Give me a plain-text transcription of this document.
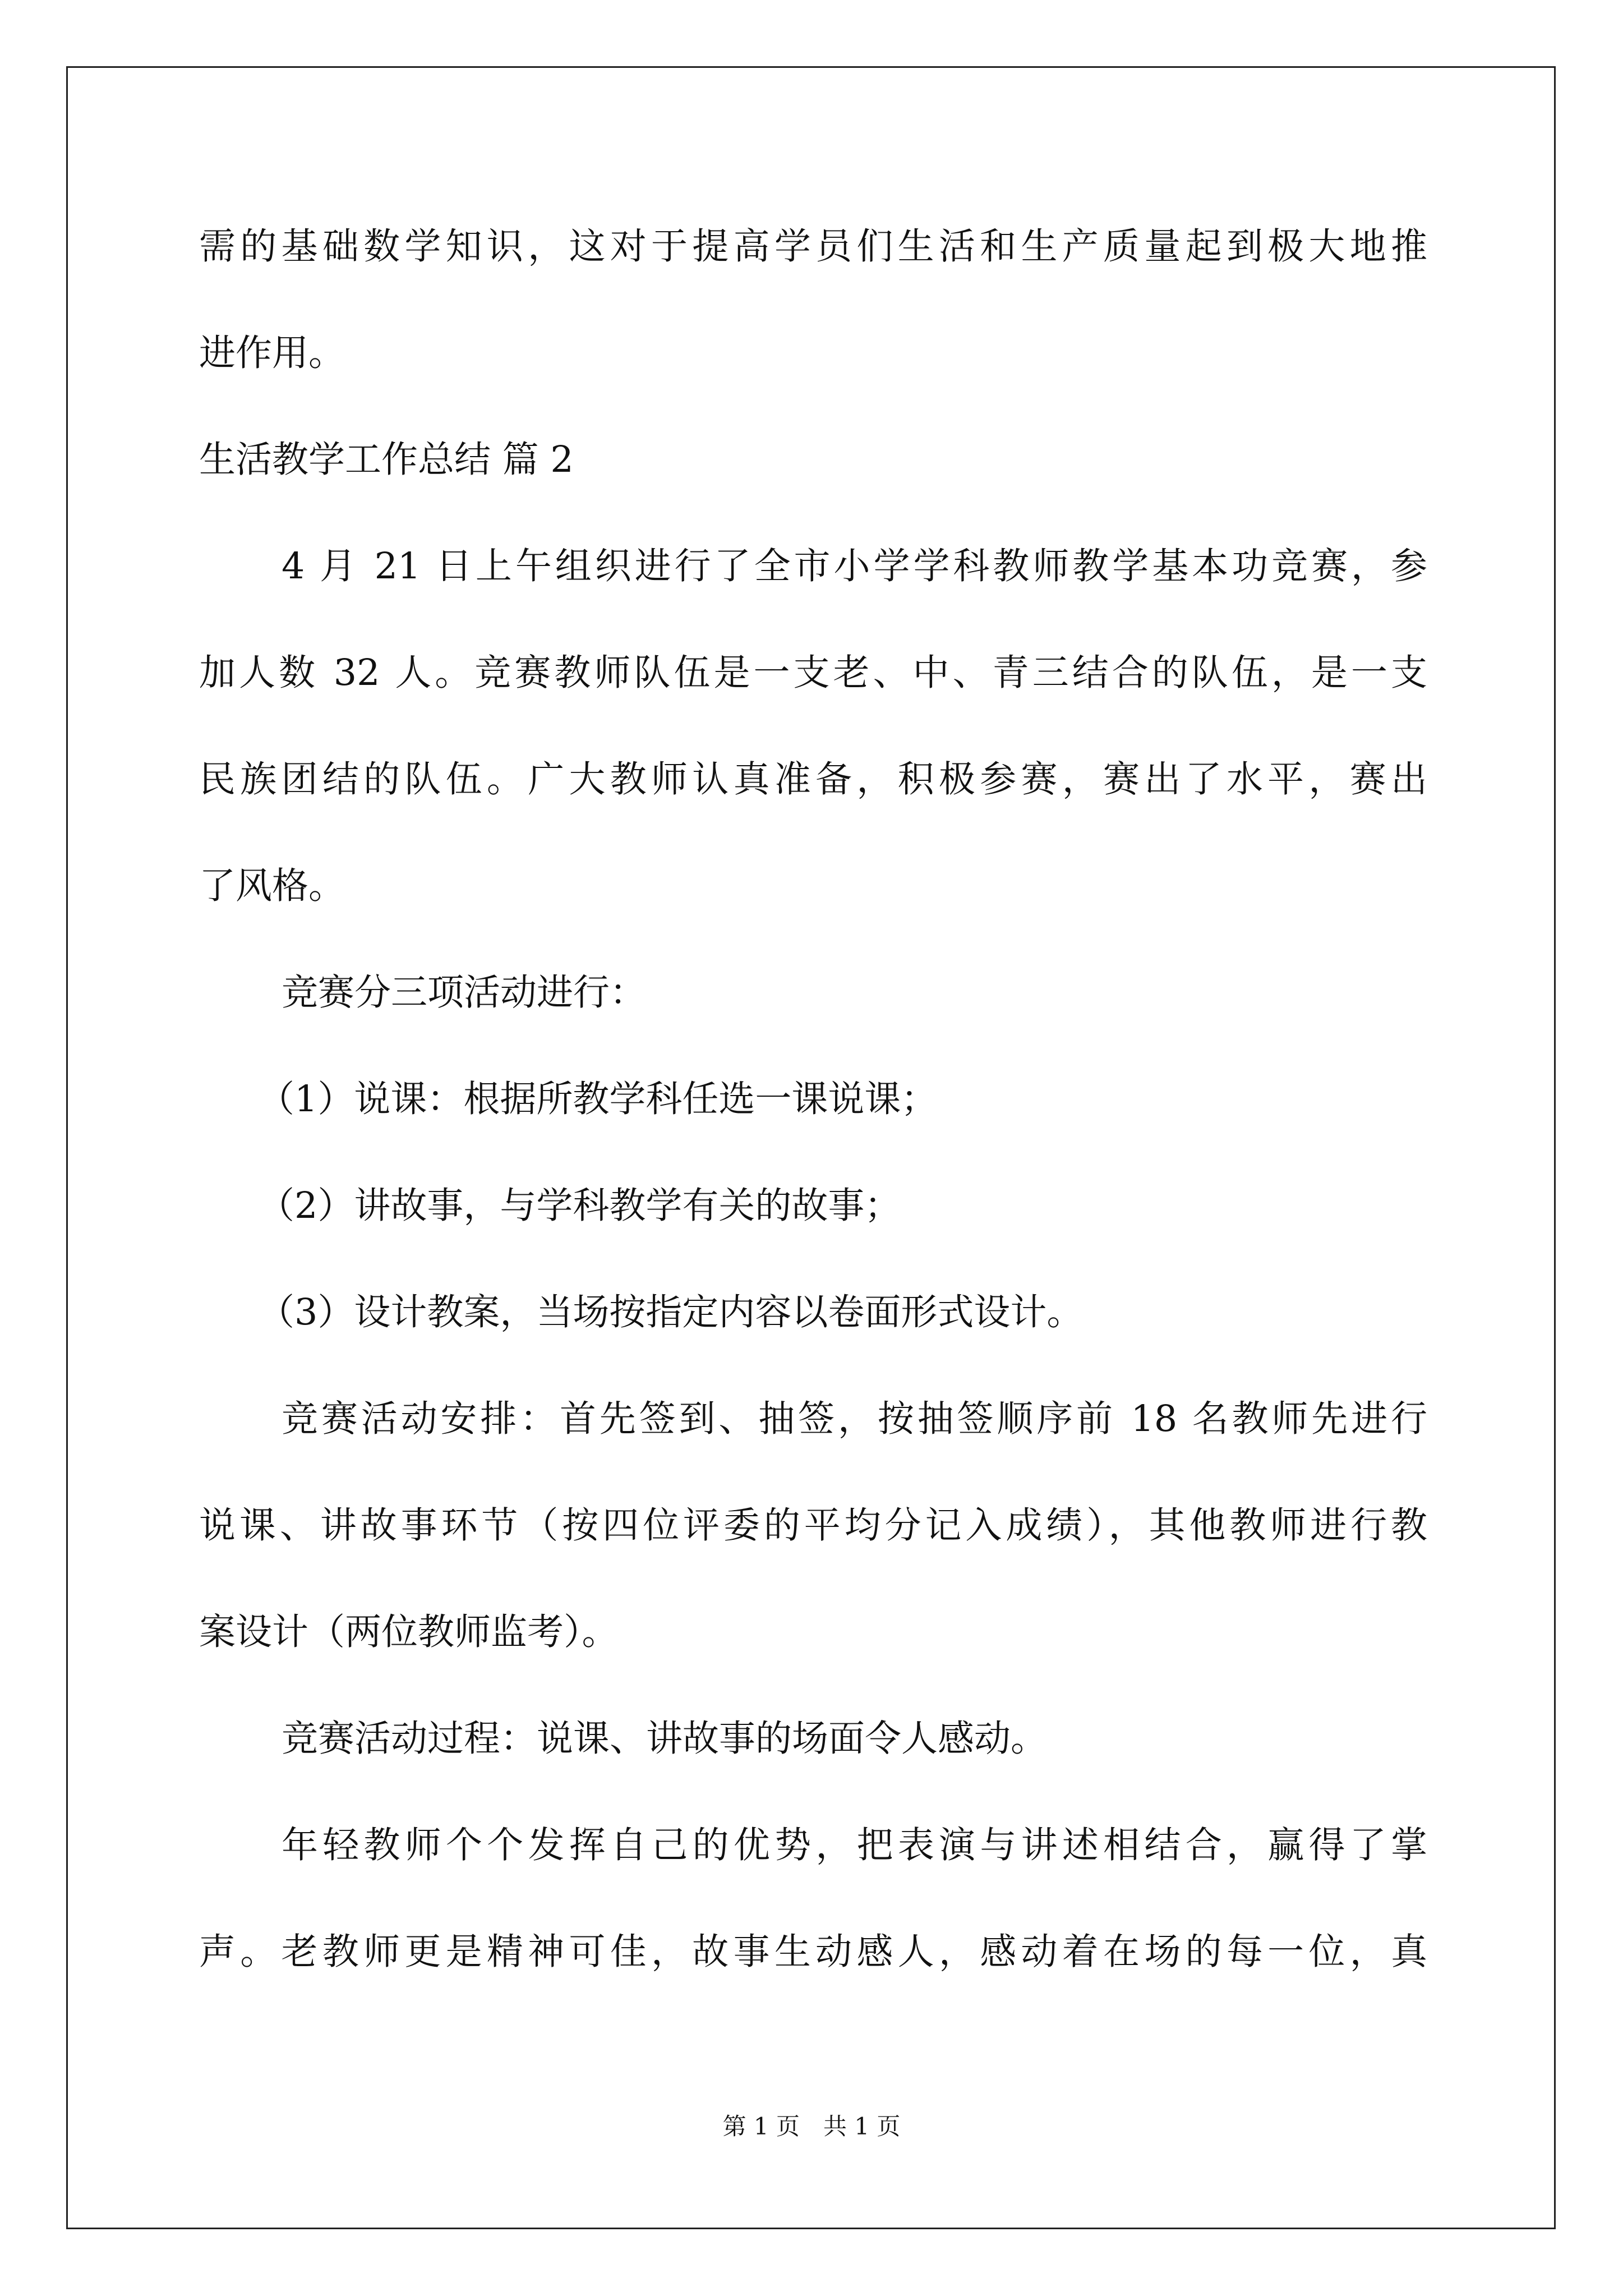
需的基础数学知识，这对于提高学员们生活和生产质量起到极大地推
进作用。
生活教学工作总结 篇 2
4 月 21 日上午组织进行了全市小学学科教师教学基本功竞赛，参
加人数 32 人。竞赛教师队伍是一支老、中、青三结合的队伍，是一支
民族团结的队伍。广大教师认真准备，积极参赛，赛出了水平，赛出
了风格。
竞赛分三项活动进行：
（1）说课：根据所教学科任选一课说课；
（2）讲故事，与学科教学有关的故事；
（3）设计教案，当场按指定内容以卷面形式设计。
竞赛活动安排：首先签到、抽签，按抽签顺序前 18 名教师先进行
说课、讲故事环节（按四位评委的平均分记入成绩），其他教师进行教
案设计（两位教师监考）。
竞赛活动过程：说课、讲故事的场面令人感动。
年轻教师个个发挥自己的优势，把表演与讲述相结合，赢得了掌
声。老教师更是精神可佳，故事生动感人，感动着在场的每一位，真
第 1 页　共 1 页
